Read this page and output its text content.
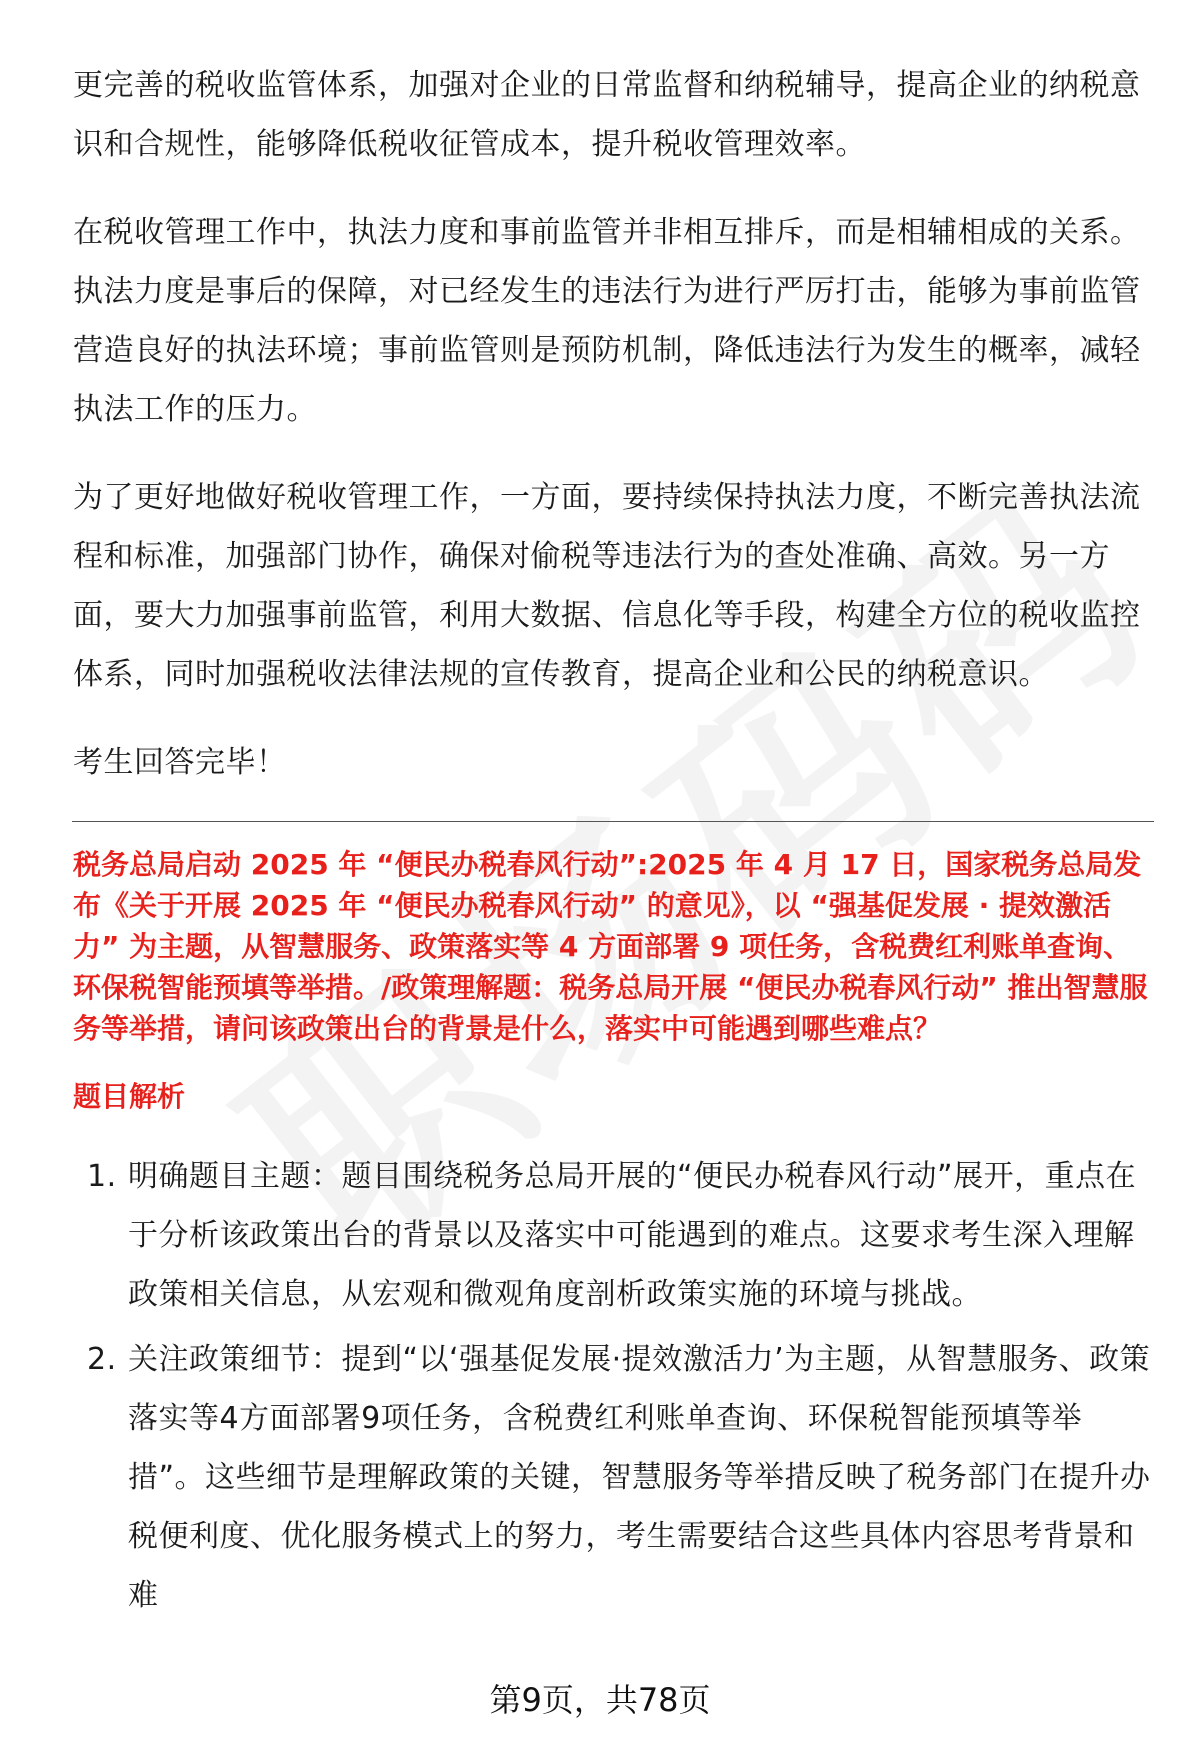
更完善的税收监管体系，加强对企业的日常监督和纳税辅导，提高企业的纳税意识和合规性，能够降低税收征管成本，提升税收管理效率。

在税收管理工作中，执法力度和事前监管并非相互排斥，而是相辅相成的关系。执法力度是事后的保障，对已经发生的违法行为进行严厉打击，能够为事前监管营造良好的执法环境；事前监管则是预防机制，降低违法行为发生的概率，减轻执法工作的压力。

为了更好地做好税收管理工作，一方面，要持续保持执法力度，不断完善执法流程和标准，加强部门协作，确保对偷税等违法行为的查处准确、高效。另一方面，要大力加强事前监管，利用大数据、信息化等手段，构建全方位的税收监控体系，同时加强税收法律法规的宣传教育，提高企业和公民的纳税意识。

考生回答完毕！

税务总局启动 2025 年 “便民办税春风行动”:2025 年 4 月 17 日，国家税务总局发布《关于开展 2025 年 “便民办税春风行动” 的意见》，以 “强基促发展 · 提效激活力” 为主题，从智慧服务、政策落实等 4 方面部署 9 项任务，含税费红利账单查询、环保税智能预填等举措。/政策理解题：税务总局开展 “便民办税春风行动” 推出智慧服务等举措，请问该政策出台的背景是什么，落实中可能遇到哪些难点？

题目解析

1. 明确题目主题：题目围绕税务总局开展的“便民办税春风行动”展开，重点在于分析该政策出台的背景以及落实中可能遇到的难点。这要求考生深入理解政策相关信息，从宏观和微观角度剖析政策实施的环境与挑战。
2. 关注政策细节：提到“以‘强基促发展·提效激活力’为主题，从智慧服务、政策落实等4方面部署9项任务，含税费红利账单查询、环保税智能预填等举措”。这些细节是理解政策的关键，智慧服务等举措反映了税务部门在提升办税便利度、优化服务模式上的努力，考生需要结合这些具体内容思考背景和难
第9页，共78页
